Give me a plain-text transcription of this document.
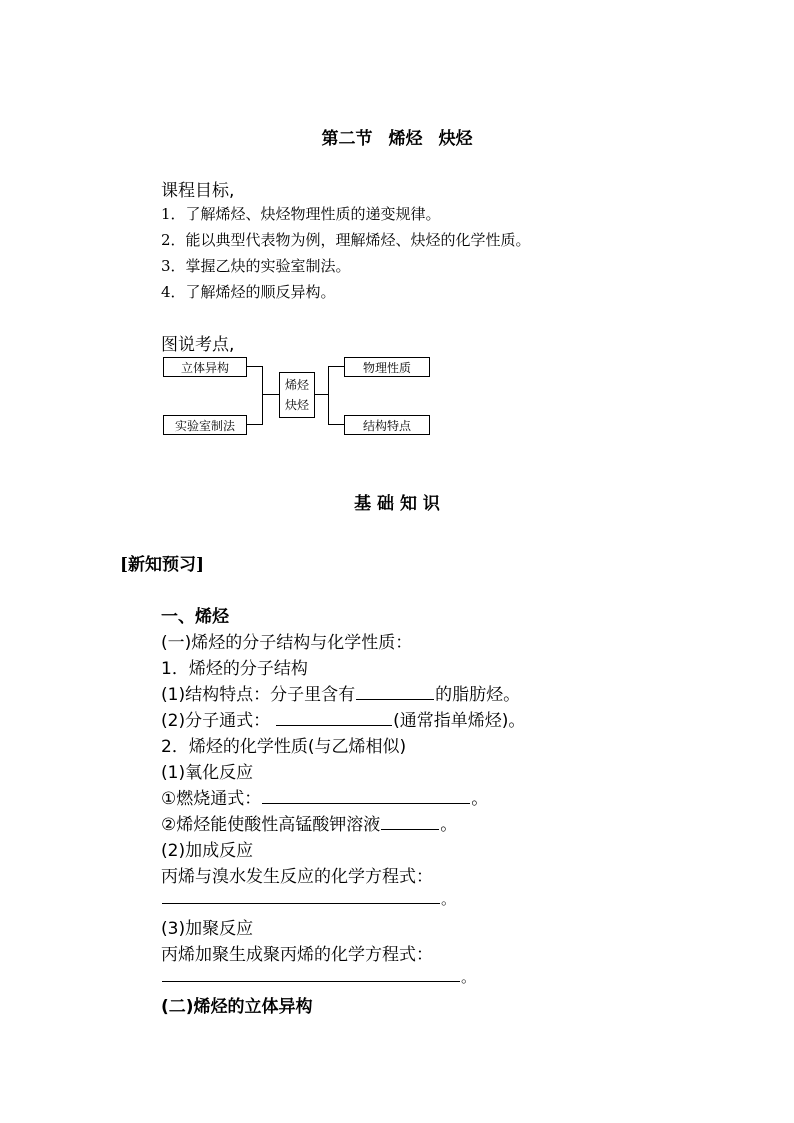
第二节 烯烃 炔烃
课程目标,
1．了解烯烃、炔烃物理性质的递变规律。
2．能以典型代表物为例，理解烯烃、炔烃的化学性质。
3．掌握乙炔的实验室制法。
4．了解烯烃的顺反异构。
图说考点,
立体异构
实验室制法
烯烃
炔烃
物理性质
结构特点
基 础 知 识
[新知预习]
一、烯烃
(一)烯烃的分子结构与化学性质：
1．烯烃的分子结构
(1)结构特点：分子里含有	的脂肪烃。
(2)分子通式：	(通常指单烯烃)。
2．烯烃的化学性质(与乙烯相似)
(1)氧化反应
①燃烧通式：	。
②烯烃能使酸性高锰酸钾溶液	。
(2)加成反应
丙烯与溴水发生反应的化学方程式：
。
(3)加聚反应
丙烯加聚生成聚丙烯的化学方程式：
。
(二)烯烃的立体异构
